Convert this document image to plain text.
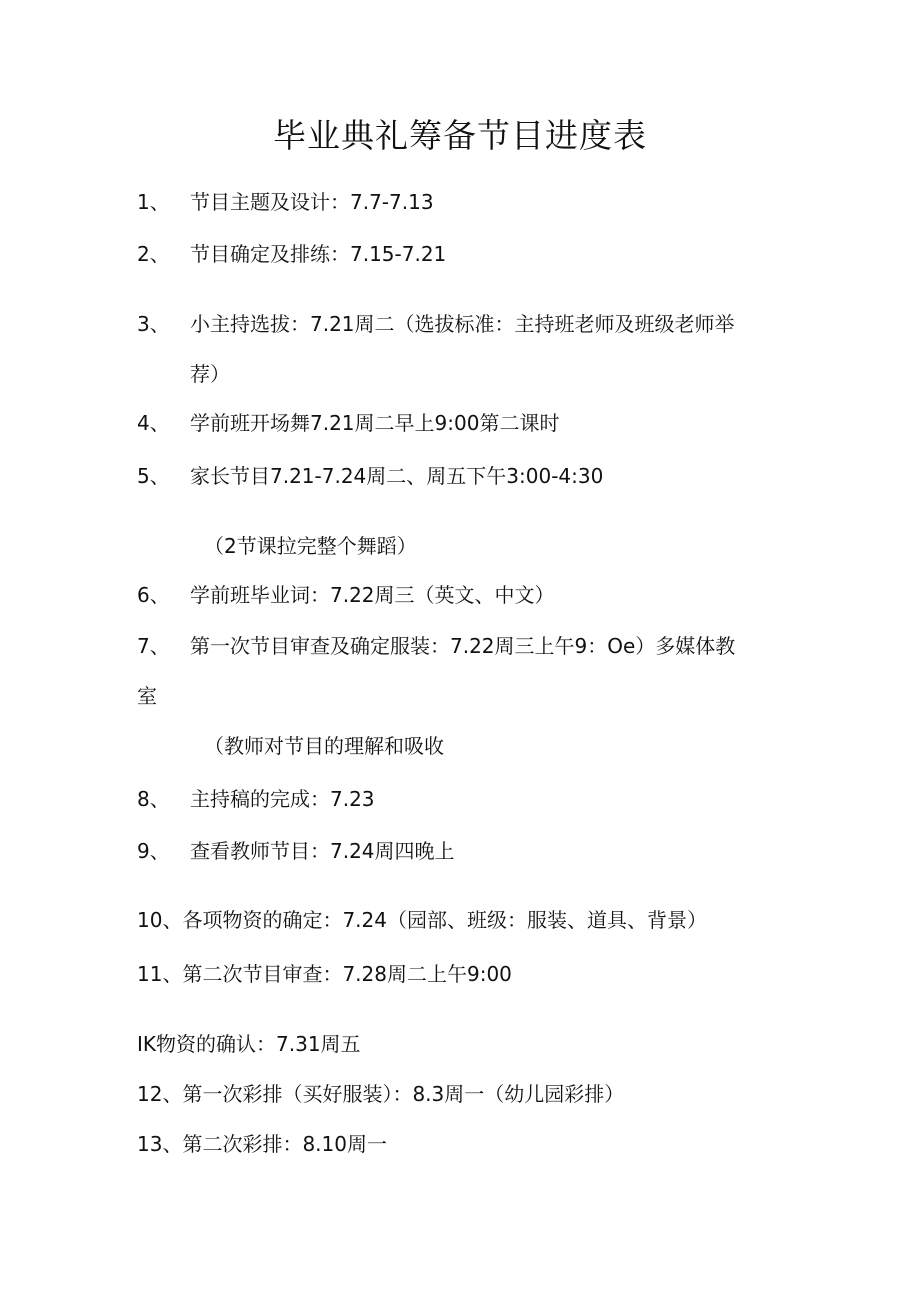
毕业典礼筹备节目进度表
1、 节目主题及设计：7.7-7.13
2、 节目确定及排练：7.15-7.21
3、 小主持选拔：7.21周二（选拔标准：主持班老师及班级老师举
荐）
4、 学前班开场舞7.21周二早上9:00第二课时
5、 家长节目7.21-7.24周二、周五下午3:00-4:30
（2节课拉完整个舞蹈）
6、 学前班毕业词：7.22周三（英文、中文）
7、 第一次节目审查及确定服装：7.22周三上午9：Oe）多媒体教
室
（教师对节目的理解和吸收
8、 主持稿的完成：7.23
9、 查看教师节目：7.24周四晚上
10、各项物资的确定：7.24（园部、班级：服装、道具、背景）
11、第二次节目审查：7.28周二上午9:00
IK物资的确认：7.31周五
12、第一次彩排（买好服装）：8.3周一（幼儿园彩排）
13、第二次彩排：8.10周一
